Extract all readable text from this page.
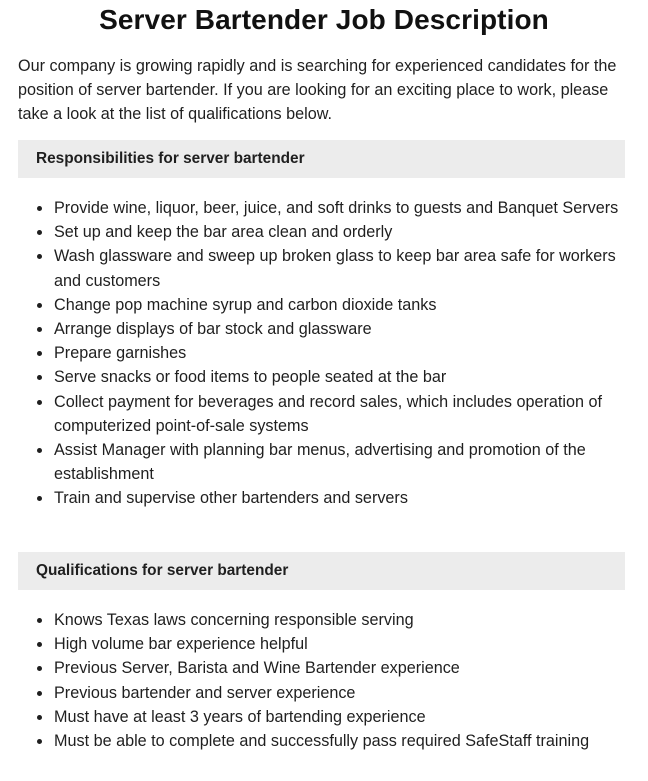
Server Bartender Job Description

Our company is growing rapidly and is searching for experienced candidates for the position of server bartender. If you are looking for an exciting place to work, please take a look at the list of qualifications below.

Responsibilities for server bartender
Provide wine, liquor, beer, juice, and soft drinks to guests and Banquet Servers
Set up and keep the bar area clean and orderly
Wash glassware and sweep up broken glass to keep bar area safe for workers and customers
Change pop machine syrup and carbon dioxide tanks
Arrange displays of bar stock and glassware
Prepare garnishes
Serve snacks or food items to people seated at the bar
Collect payment for beverages and record sales, which includes operation of computerized point-of-sale systems
Assist Manager with planning bar menus, advertising and promotion of the establishment
Train and supervise other bartenders and servers
Qualifications for server bartender
Knows Texas laws concerning responsible serving
High volume bar experience helpful
Previous Server, Barista and Wine Bartender experience
Previous bartender and server experience
Must have at least 3 years of bartending experience
Must be able to complete and successfully pass required SafeStaff training
